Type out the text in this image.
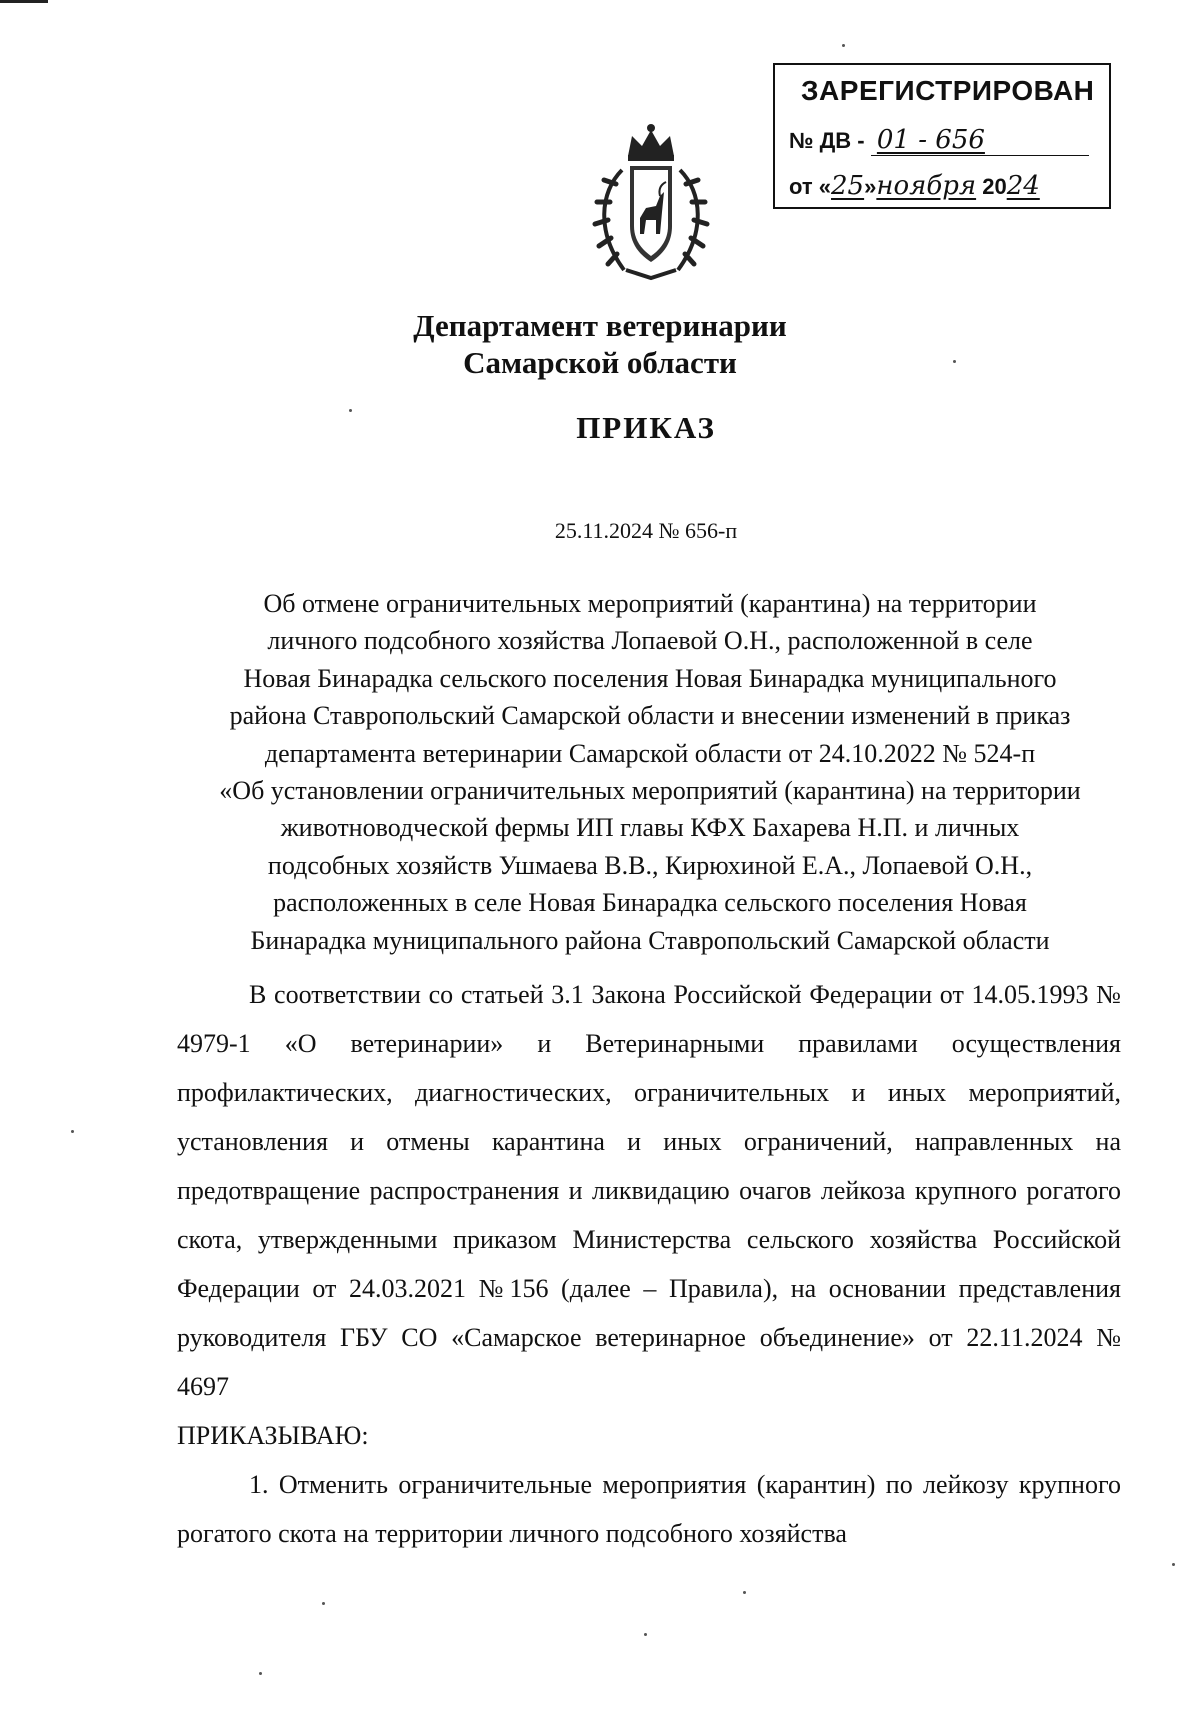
ЗАРЕГИСТРИРОВАН
№ ДВ - 01 - 656
от «25»ноября 2024
Департамент ветеринарии
Самарской области
ПРИКАЗ
25.11.2024 № 656-п
Об отмене ограничительных мероприятий (карантина) на территории
личного подсобного хозяйства Лопаевой О.Н., расположенной в селе
Новая Бинарадка сельского поселения Новая Бинарадка муниципального
района Ставропольский Самарской области и внесении изменений в приказ
департамента ветеринарии Самарской области от 24.10.2022 № 524-п
«Об установлении ограничительных мероприятий (карантина) на территории
животноводческой фермы ИП главы КФХ Бахарева Н.П. и личных
подсобных хозяйств Ушмаева В.В., Кирюхиной Е.А., Лопаевой О.Н.,
расположенных в селе Новая Бинарадка сельского поселения Новая
Бинарадка муниципального района Ставропольский Самарской области

В соответствии со статьей 3.1 Закона Российской Федерации от 14.05.1993 № 4979-1 «О ветеринарии» и Ветеринарными правилами осуществления профилактических, диагностических, ограничительных и иных мероприятий, установления и отмены карантина и иных ограничений, направленных на предотвращение распространения и ликвидацию очагов лейкоза крупного рогатого скота, утвержденными приказом Министерства сельского хозяйства Российской Федерации от 24.03.2021 №156 (далее – Правила), на основании представления руководителя ГБУ СО «Самарское ветеринарное объединение» от 22.11.2024 № 4697

ПРИКАЗЫВАЮ:

1. Отменить ограничительные мероприятия (карантин) по лейкозу крупного рогатого скота на территории личного подсобного хозяйства
